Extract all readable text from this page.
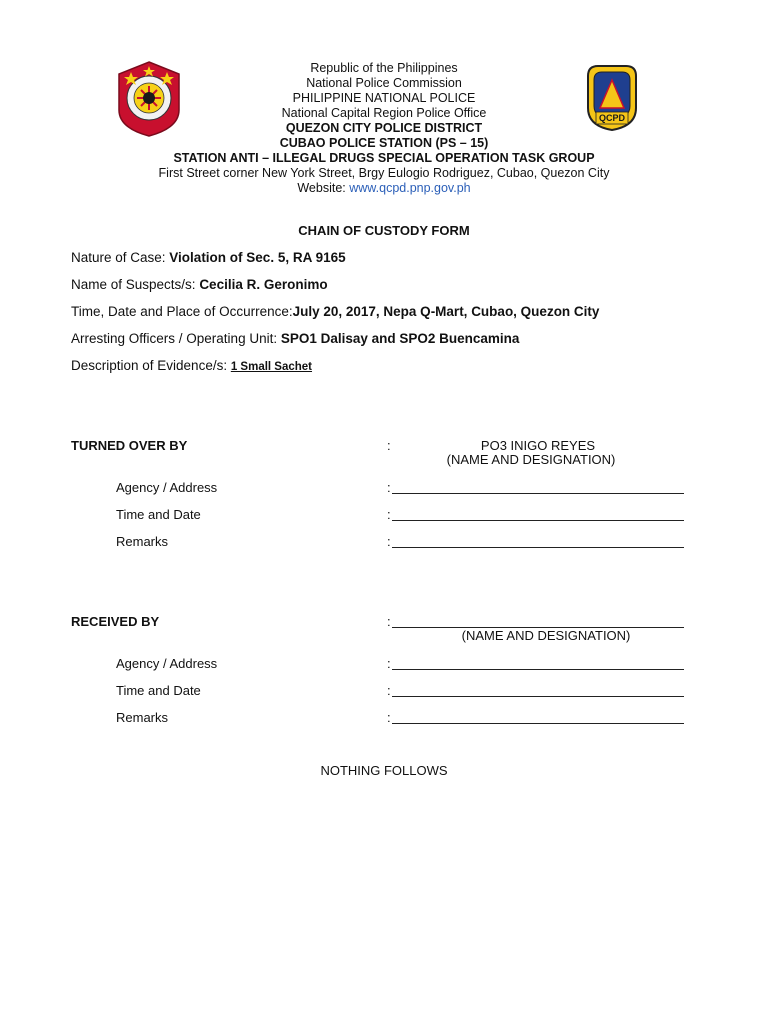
Republic of the Philippines
National Police Commission
PHILIPPINE NATIONAL POLICE
National Capital Region Police Office
QUEZON CITY POLICE DISTRICT
CUBAO POLICE STATION (PS – 15)
STATION ANTI – ILLEGAL DRUGS SPECIAL OPERATION TASK GROUP
First Street corner New York Street, Brgy Eulogio Rodriguez, Cubao, Quezon City
Website: www.qcpd.pnp.gov.ph
QCPD
CHAIN OF CUSTODY FORM
Nature of Case: Violation of Sec. 5, RA 9165
Name of Suspects/s: Cecilia R. Geronimo
Time, Date and Place of Occurrence:July 20, 2017, Nepa Q-Mart, Cubao, Quezon City
Arresting Officers / Operating Unit: SPO1 Dalisay and SPO2 Buencamina
Description of Evidence/s: 1 Small Sachet
TURNED OVER BY	:	PO3 INIGO REYES
(NAME AND DESIGNATION)
Agency / Address	:
Time and Date	:
Remarks	:
RECEIVED BY	:
(NAME AND DESIGNATION)
Agency / Address	:
Time and Date	:
Remarks	:
NOTHING FOLLOWS
